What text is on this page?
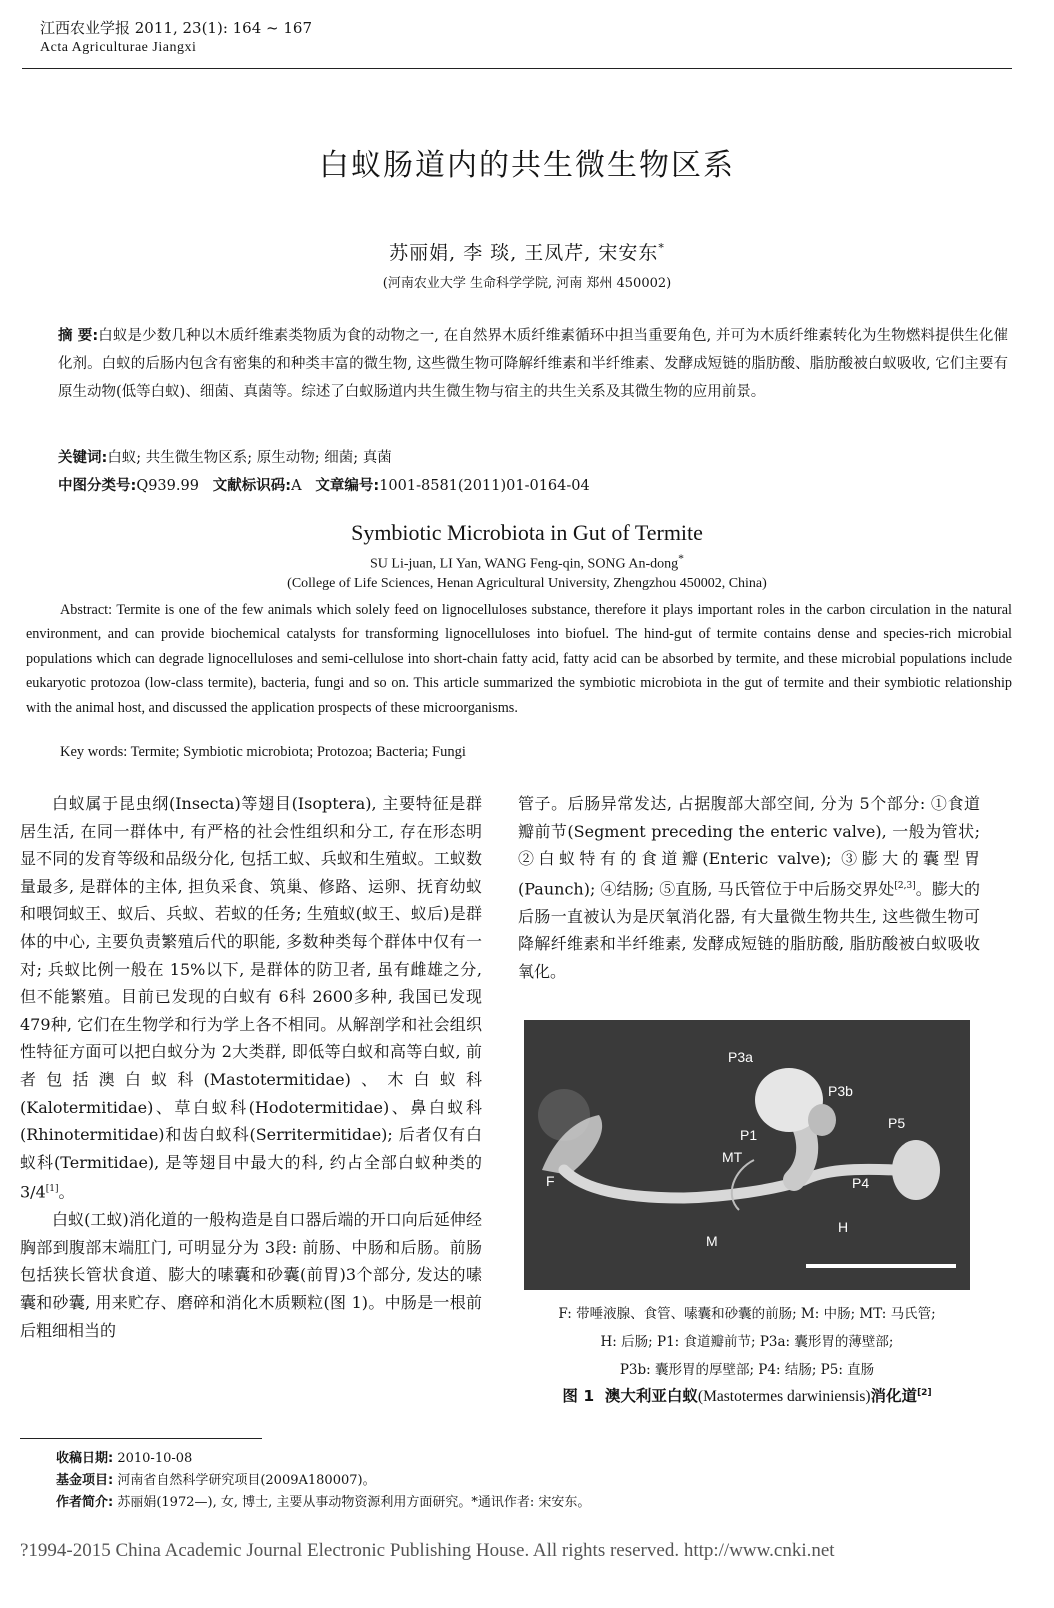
江西农业学报 2011, 23(1): 164 ~ 167
Acta Agriculturae Jiangxi
白蚁肠道内的共生微生物区系
苏丽娟, 李 琰, 王凤芹, 宋安东*
(河南农业大学 生命科学学院, 河南 郑州 450002)
摘 要:白蚁是少数几种以木质纤维素类物质为食的动物之一, 在自然界木质纤维素循环中担当重要角色, 并可为木质纤维素转化为生物燃料提供生化催化剂。白蚁的后肠内包含有密集的和种类丰富的微生物, 这些微生物可降解纤维素和半纤维素、发酵成短链的脂肪酸、脂肪酸被白蚁吸收, 它们主要有原生动物(低等白蚁)、细菌、真菌等。综述了白蚁肠道内共生微生物与宿主的共生关系及其微生物的应用前景。
关键词:白蚁; 共生微生物区系; 原生动物; 细菌; 真菌
中图分类号:Q939.99 文献标识码:A 文章编号:1001-8581(2011)01-0164-04
Symbiotic Microbiota in Gut of Termite
SU Li-juan, LI Yan, WANG Feng-qin, SONG An-dong*
(College of Life Sciences, Henan Agricultural University, Zhengzhou 450002, China)
Abstract: Termite is one of the few animals which solely feed on lignocelluloses substance, therefore it plays important roles in the carbon circulation in the natural environment, and can provide biochemical catalysts for transforming lignocelluloses into biofuel. The hind-gut of termite contains dense and species-rich microbial populations which can degrade lignocelluloses and semi-cellulose into short-chain fatty acid, fatty acid can be absorbed by termite, and these microbial populations include eukaryotic protozoa (low-class termite), bacteria, fungi and so on. This article summarized the symbiotic microbiota in the gut of termite and their symbiotic relationship with the animal host, and discussed the application prospects of these microorganisms.
Key words: Termite; Symbiotic microbiota; Protozoa; Bacteria; Fungi

白蚁属于昆虫纲(Insecta)等翅目(Isoptera), 主要特征是群居生活, 在同一群体中, 有严格的社会性组织和分工, 存在形态明显不同的发育等级和品级分化, 包括工蚁、兵蚁和生殖蚁。工蚁数量最多, 是群体的主体, 担负采食、筑巢、修路、运卵、抚育幼蚁和喂饲蚁王、蚁后、兵蚁、若蚁的任务; 生殖蚁(蚁王、蚁后)是群体的中心, 主要负责繁殖后代的职能, 多数种类每个群体中仅有一对; 兵蚁比例一般在 15%以下, 是群体的防卫者, 虽有雌雄之分, 但不能繁殖。目前已发现的白蚁有 6科 2600多种, 我国已发现 479种, 它们在生物学和行为学上各不相同。从解剖学和社会组织性特征方面可以把白蚁分为 2大类群, 即低等白蚁和高等白蚁, 前者包括澳白蚁科(Mastotermitidae)、木白蚁科(Kalotermitidae)、草白蚁科(Hodotermitidae)、鼻白蚁科(Rhinotermitidae)和齿白蚁科(Serritermitidae); 后者仅有白蚁科(Termitidae), 是等翅目中最大的科, 约占全部白蚁种类的 3/4[1]。

白蚁(工蚁)消化道的一般构造是自口器后端的开口向后延伸经胸部到腹部末端肛门, 可明显分为 3段: 前肠、中肠和后肠。前肠包括狭长管状食道、膨大的嗉囊和砂囊(前胃)3个部分, 发达的嗉囊和砂囊, 用来贮存、磨碎和消化木质颗粒(图 1)。中肠是一根前后粗细相当的

管子。后肠异常发达, 占据腹部大部空间, 分为 5个部分: ①食道瓣前节(Segment preceding the enteric valve), 一般为管状; ②白蚁特有的食道瓣(Enteric valve); ③膨大的囊型胃(Paunch); ④结肠; ⑤直肠, 马氏管位于中后肠交界处[2,3]。膨大的后肠一直被认为是厌氧消化器, 有大量微生物共生, 这些微生物可降解纤维素和半纤维素, 发酵成短链的脂肪酸, 脂肪酸被白蚁吸收氧化。

P3a
P3b
P5
P1
MT
F	P4
H
M
F: 带唾液腺、食管、嗉囊和砂囊的前肠; M: 中肠; MT: 马氏管;
H: 后肠; P1: 食道瓣前节; P3a: 囊形胃的薄壁部;
P3b: 囊形胃的厚壁部; P4: 结肠; P5: 直肠
图 1 澳大利亚白蚁(Mastotermes darwiniensis)消化道[2]
收稿日期: 2010-10-08
基金项目: 河南省自然科学研究项目(2009A180007)。
作者简介: 苏丽娟(1972—), 女, 博士, 主要从事动物资源利用方面研究。*通讯作者: 宋安东。
?1994-2015 China Academic Journal Electronic Publishing House. All rights reserved. http://www.cnki.net
